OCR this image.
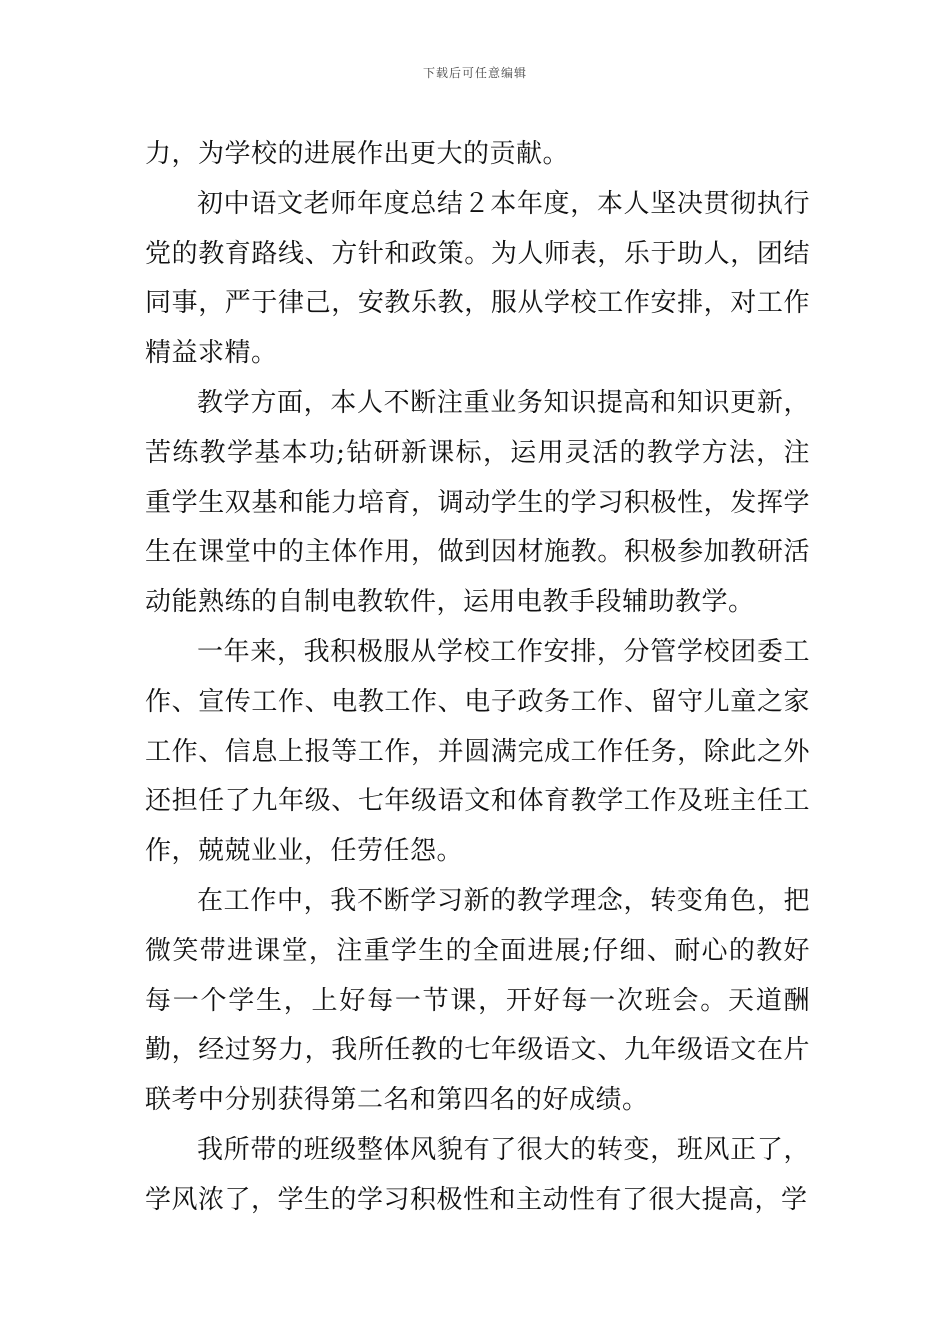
下载后可任意编辑

力，为学校的进展作出更大的贡献。

初中语文老师年度总结２本年度，本人坚决贯彻执行党的教育路线、方针和政策。为人师表，乐于助人，团结同事，严于律己，安教乐教，服从学校工作安排，对工作精益求精。

教学方面，本人不断注重业务知识提高和知识更新，苦练教学基本功;钻研新课标，运用灵活的教学方法，注重学生双基和能力培育，调动学生的学习积极性，发挥学生在课堂中的主体作用，做到因材施教。积极参加教研活动能熟练的自制电教软件，运用电教手段辅助教学。

一年来，我积极服从学校工作安排，分管学校团委工作、宣传工作、电教工作、电子政务工作、留守儿童之家工作、信息上报等工作，并圆满完成工作任务，除此之外还担任了九年级、七年级语文和体育教学工作及班主任工作，兢兢业业，任劳任怨。

在工作中，我不断学习新的教学理念，转变角色，把微笑带进课堂，注重学生的全面进展;仔细、耐心的教好每一个学生，上好每一节课，开好每一次班会。天道酬勤，经过努力，我所任教的七年级语文、九年级语文在片联考中分别获得第二名和第四名的好成绩。

我所带的班级整体风貌有了很大的转变，班风正了，学风浓了，学生的学习积极性和主动性有了很大提高，学
